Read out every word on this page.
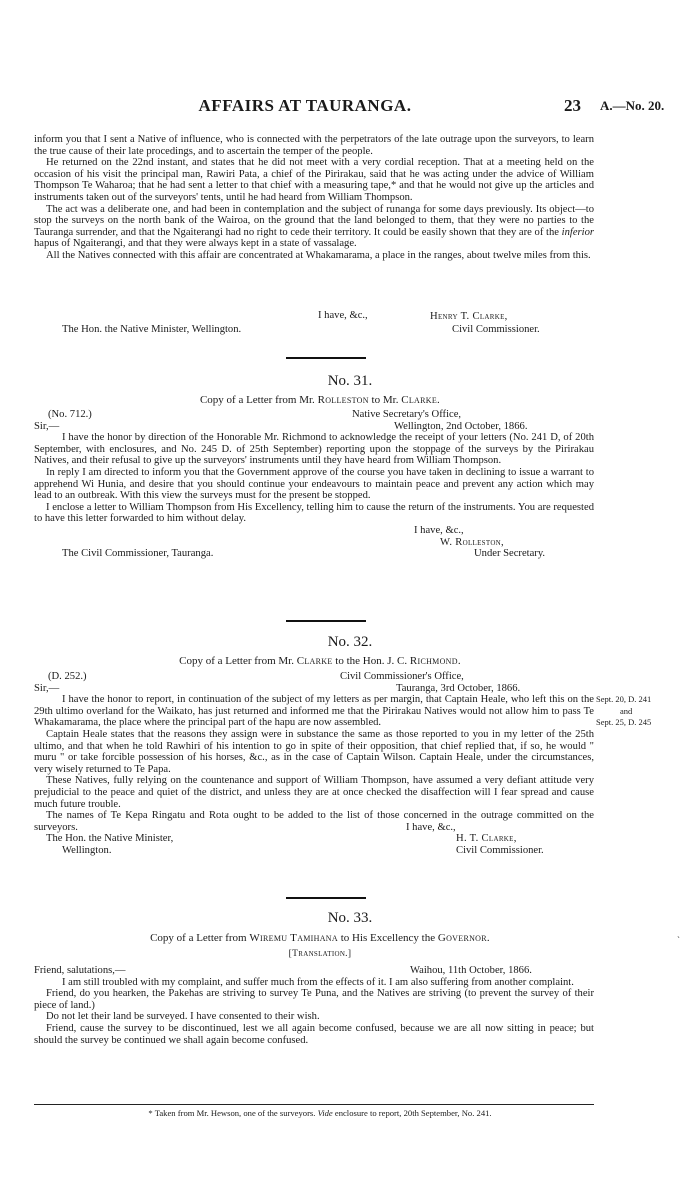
AFFAIRS AT TAURANGA.	23 A.—No. 20.

inform you that I sent a Native of influence, who is connected with the perpetrators of the late outrage upon the surveyors, to learn the true cause of their late procedings, and to ascertain the temper of the people.

He returned on the 22nd instant, and states that he did not meet with a very cordial reception. That at a meeting held on the occasion of his visit the principal man, Rawiri Pata, a chief of the Pirirakau, said that he was acting under the advice of William Thompson Te Waharoa; that he had sent a letter to that chief with a measuring tape,* and that he would not give up the articles and instruments taken out of the surveyors' tents, until he had heard from William Thompson.

The act was a deliberate one, and had been in contemplation and the subject of runanga for some days previously. Its object—to stop the surveys on the north bank of the Wairoa, on the ground that the land belonged to them, that they were no parties to the Tauranga surrender, and that the Ngaiterangi had no right to cede their territory. It could be easily shown that they are of the inferior hapus of Ngaiterangi, and that they were always kept in a state of vassalage.

All the Natives connected with this affair are concentrated at Whakamarama, a place in the ranges, about twelve miles from this.

I have, &c.,	Henry T. Clarke,
The Hon. the Native Minister, Wellington.	Civil Commissioner.
No. 31.
Copy of a Letter from Mr. Rolleston to Mr. Clarke.
(No. 712.)	Native Secretary's Office,
Sir,—	Wellington, 2nd October, 1866.

I have the honor by direction of the Honorable Mr. Richmond to acknowledge the receipt of your letters (No. 241 D, of 20th September, with enclosures, and No. 245 D. of 25th September) reporting upon the stoppage of the surveys by the Pirirakau Natives, and their refusal to give up the surveyors' instruments until they have heard from William Thompson.

In reply I am directed to inform you that the Government approve of the course you have taken in declining to issue a warrant to apprehend Wi Hunia, and desire that you should continue your endeavours to maintain peace and prevent any action which may lead to an outbreak. With this view the surveys must for the present be stopped.

I enclose a letter to William Thompson from His Excellency, telling him to cause the return of the instruments. You are requested to have this letter forwarded to him without delay.

I have, &c.,
W. Rolleston,
The Civil Commissioner, Tauranga.	Under Secretary.
No. 32.
Copy of a Letter from Mr. Clarke to the Hon. J. C. Richmond.
(D. 252.)	Civil Commissioner's Office,
Sir,—	Tauranga, 3rd October, 1866.

I have the honor to report, in continuation of the subject of my letters as per margin, that Captain Heale, who left this on the 29th ultimo overland for the Waikato, has just returned and informed me that the Pirirakau Natives would not allow him to pass Te Whakamarama, the place where the principal part of the hapu are now assembled.

Captain Heale states that the reasons they assign were in substance the same as those reported to you in my letter of the 25th ultimo, and that when he told Rawhiri of his intention to go in spite of their opposition, that chief replied that, if so, he would " muru " or take forcible possession of his horses, &c., as in the case of Captain Wilson. Captain Heale, under the circumstances, very wisely returned to Te Papa.

These Natives, fully relying on the countenance and support of William Thompson, have assumed a very defiant attitude very prejudicial to the peace and quiet of the district, and unless they are at once checked the disaffection will I fear spread and cause much future trouble.

The names of Te Kepa Ringatu and Rota ought to be added to the list of those concerned in the outrage committed on the surveyors.	I have, &c.,
The Hon. the Native Minister,	H. T. Clarke,
Wellington.	Civil Commissioner.
Sept. 20, D. 241
and
Sept. 25, D. 245
No. 33.
Copy of a Letter from Wiremu Tamihana to His Excellency the Governor.
[Translation.]
Friend, salutations,—	Waihou, 11th October, 1866.

I am still troubled with my complaint, and suffer much from the effects of it. I am also suffering from another complaint.

Friend, do you hearken, the Pakehas are striving to survey Te Puna, and the Natives are striving (to prevent the survey of their piece of land.)

Do not let their land be surveyed. I have consented to their wish.

Friend, cause the survey to be discontinued, lest we all again become confused, because we are all now sitting in peace; but should the survey be continued we shall again become confused.

* Taken from Mr. Hewson, one of the surveyors. Vide enclosure to report, 20th September, No. 241.
ˎ
